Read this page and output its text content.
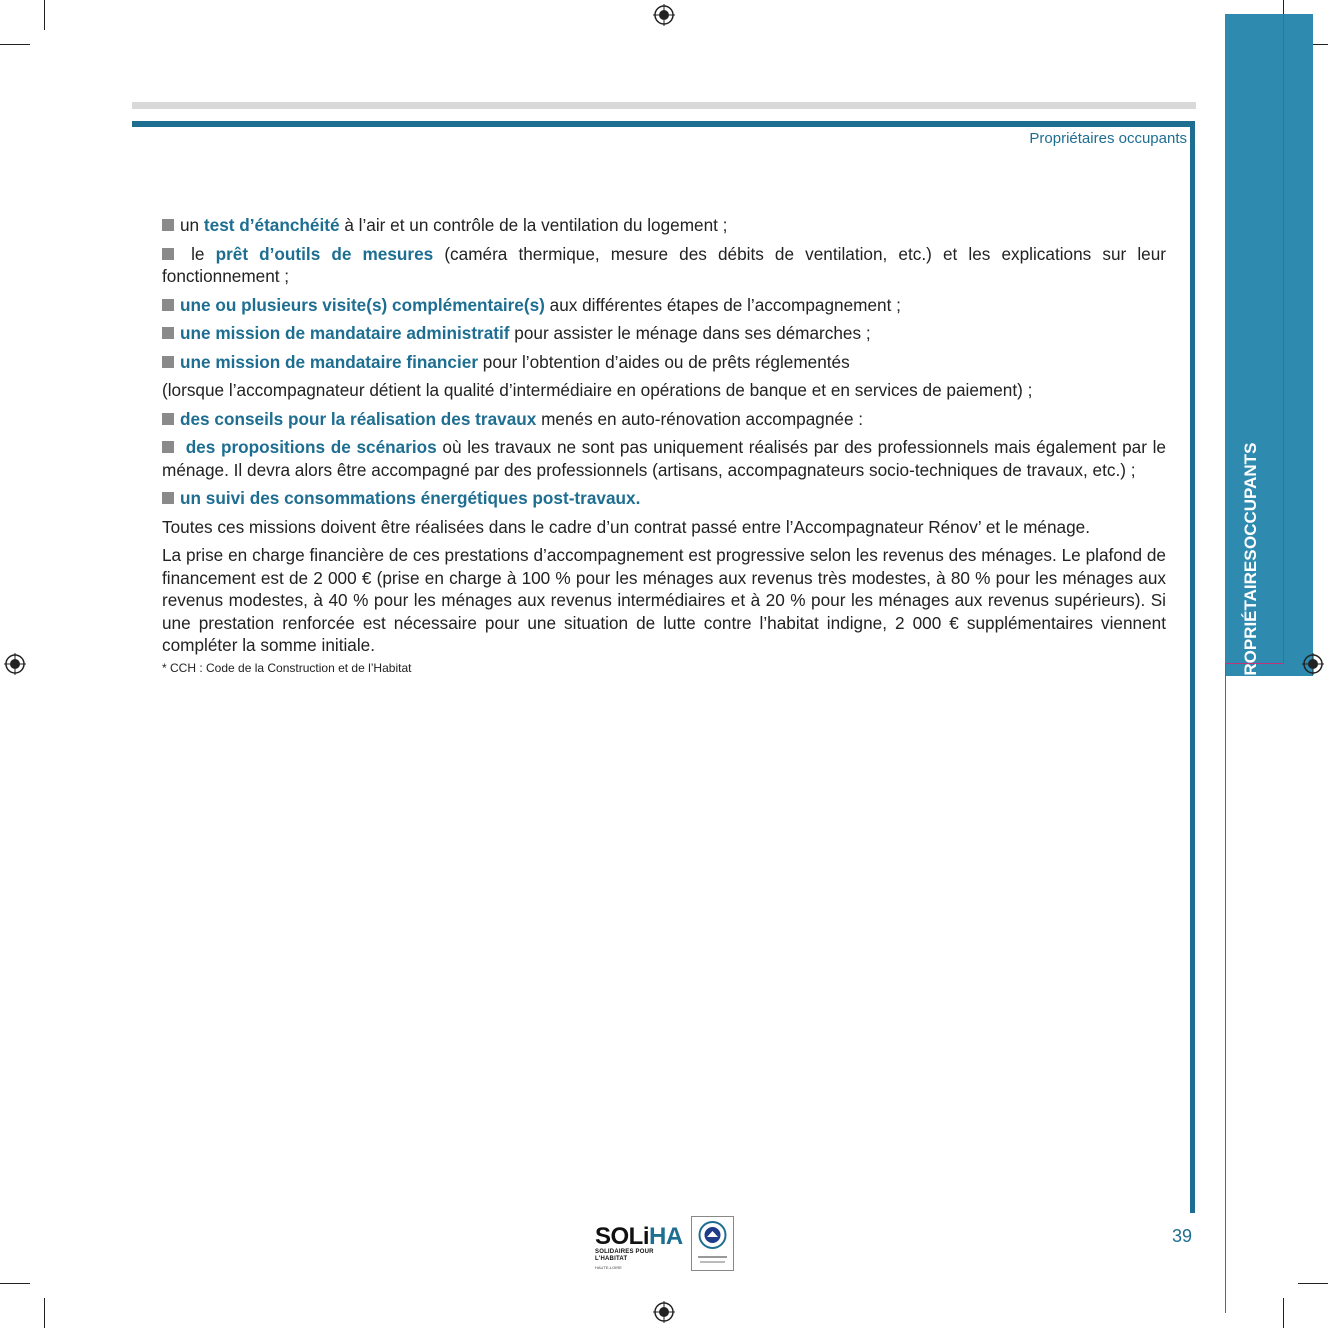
PROPRIÉTAIRES
OCCUPANTS
Propriétaires occupants

un test d’étanchéité à l’air et un contrôle de la ventilation du logement ;

le prêt d’outils de mesures (caméra thermique, mesure des débits de ventilation, etc.) et les explications sur leur fonctionnement ;

une ou plusieurs visite(s) complémentaire(s) aux différentes étapes de l’accompagnement ;

une mission de mandataire administratif pour assister le ménage dans ses démarches ;

une mission de mandataire financier pour l’obtention d’aides ou de prêts réglementés

(lorsque l’accompagnateur détient la qualité d’intermédiaire en opérations de banque et en services de paiement) ;

des conseils pour la réalisation des travaux menés en auto-rénovation accompagnée :

des propositions de scénarios où les travaux ne sont pas uniquement réalisés par des professionnels mais également par le ménage. Il devra alors être accompagné par des professionnels (artisans, accompagnateurs socio-techniques de travaux, etc.) ;

un suivi des consommations énergétiques post-travaux.

Toutes ces missions doivent être réalisées dans le cadre d’un contrat passé entre l’Accompagnateur Rénov’ et le ménage.

La prise en charge financière de ces prestations d’accompagnement est progressive selon les revenus des ménages. Le plafond de financement est de 2 000 € (prise en charge à 100 % pour les ménages aux revenus très modestes, à 80 % pour les ménages aux revenus modestes, à 40 % pour les ménages aux revenus intermédiaires et à 20 % pour les ménages aux revenus supérieurs). Si une prestation renforcée est nécessaire pour une situation de lutte contre l’habitat indigne, 2 000 € supplémentaires viennent compléter la somme initiale.

* CCH : Code de la Construction et de l’Habitat
SOLiHA
SOLIDAIRES POUR L'HABITAT
HAUTE-LOIRE
39
